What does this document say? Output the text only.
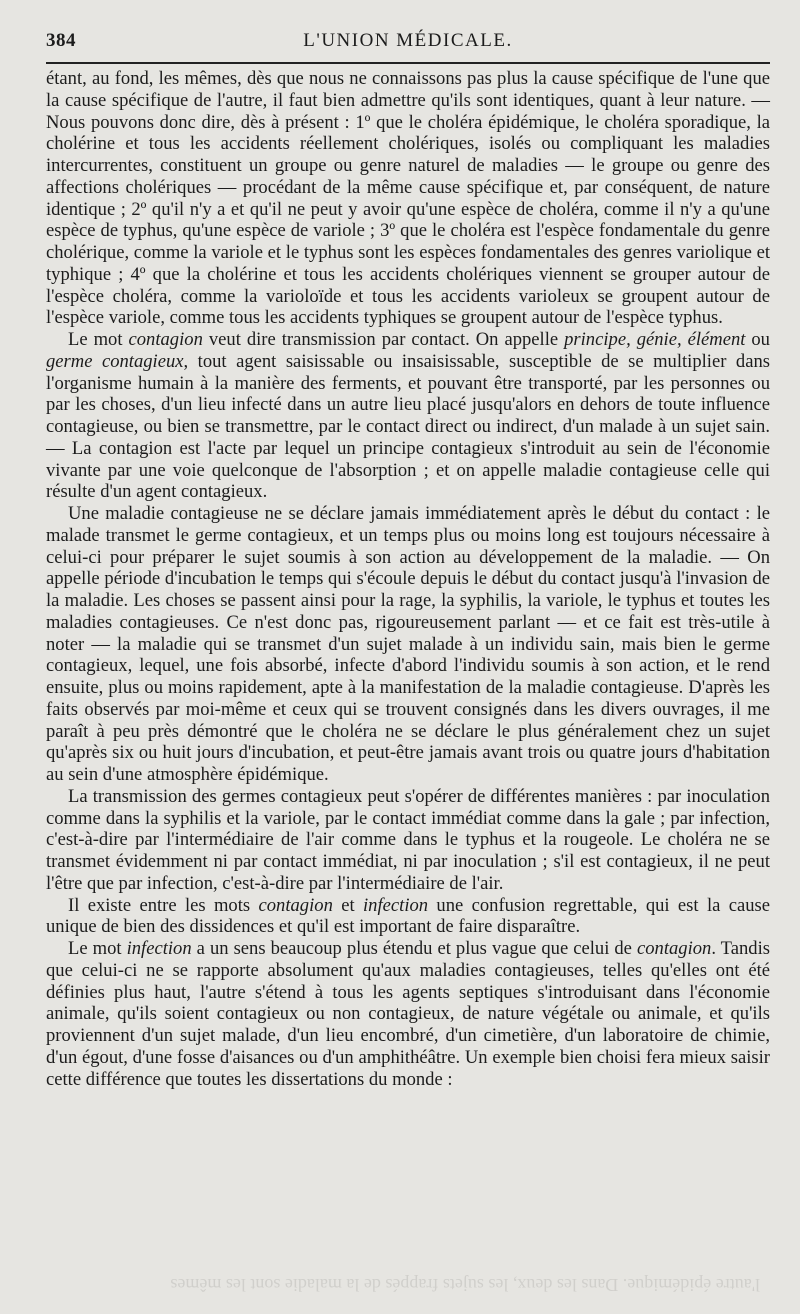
384	L'UNION MÉDICALE.

étant, au fond, les mêmes, dès que nous ne connaissons pas plus la cause spécifique de l'une que la cause spécifique de l'autre, il faut bien admettre qu'ils sont identiques, quant à leur nature. — Nous pouvons donc dire, dès à présent : 1º que le choléra épidémique, le choléra sporadique, la cholérine et tous les accidents réellement cholériques, isolés ou compliquant les maladies intercurrentes, constituent un groupe ou genre naturel de maladies — le groupe ou genre des affections cholériques — procédant de la même cause spécifique et, par conséquent, de nature identique ; 2º qu'il n'y a et qu'il ne peut y avoir qu'une espèce de choléra, comme il n'y a qu'une espèce de typhus, qu'une espèce de variole ; 3º que le choléra est l'espèce fondamentale du genre cholérique, comme la variole et le typhus sont les espèces fondamentales des genres variolique et typhique ; 4º que la cholérine et tous les accidents cholériques viennent se grouper autour de l'espèce choléra, comme la varioloïde et tous les accidents varioleux se groupent autour de l'espèce variole, comme tous les accidents typhiques se groupent autour de l'espèce typhus.

Le mot contagion veut dire transmission par contact. On appelle principe, génie, élément ou germe contagieux, tout agent saisissable ou insaisissable, susceptible de se multiplier dans l'organisme humain à la manière des ferments, et pouvant être transporté, par les personnes ou par les choses, d'un lieu infecté dans un autre lieu placé jusqu'alors en dehors de toute influence contagieuse, ou bien se transmettre, par le contact direct ou indirect, d'un malade à un sujet sain. — La contagion est l'acte par lequel un principe contagieux s'introduit au sein de l'économie vivante par une voie quelconque de l'absorption ; et on appelle maladie contagieuse celle qui résulte d'un agent contagieux.

Une maladie contagieuse ne se déclare jamais immédiatement après le début du contact : le malade transmet le germe contagieux, et un temps plus ou moins long est toujours nécessaire à celui-ci pour préparer le sujet soumis à son action au développement de la maladie. — On appelle période d'incubation le temps qui s'écoule depuis le début du contact jusqu'à l'invasion de la maladie. Les choses se passent ainsi pour la rage, la syphilis, la variole, le typhus et toutes les maladies contagieuses. Ce n'est donc pas, rigoureusement parlant — et ce fait est très-utile à noter — la maladie qui se transmet d'un sujet malade à un individu sain, mais bien le germe contagieux, lequel, une fois absorbé, infecte d'abord l'individu soumis à son action, et le rend ensuite, plus ou moins rapidement, apte à la manifestation de la maladie contagieuse. D'après les faits observés par moi-même et ceux qui se trouvent consignés dans les divers ouvrages, il me paraît à peu près démontré que le choléra ne se déclare le plus généralement chez un sujet qu'après six ou huit jours d'incubation, et peut-être jamais avant trois ou quatre jours d'habitation au sein d'une atmosphère épidémique.

La transmission des germes contagieux peut s'opérer de différentes manières : par inoculation comme dans la syphilis et la variole, par le contact immédiat comme dans la gale ; par infection, c'est-à-dire par l'intermédiaire de l'air comme dans le typhus et la rougeole. Le choléra ne se transmet évidemment ni par contact immédiat, ni par inoculation ; s'il est contagieux, il ne peut l'être que par infection, c'est-à-dire par l'intermédiaire de l'air.

Il existe entre les mots contagion et infection une confusion regrettable, qui est la cause unique de bien des dissidences et qu'il est important de faire disparaître.

Le mot infection a un sens beaucoup plus étendu et plus vague que celui de contagion. Tandis que celui-ci ne se rapporte absolument qu'aux maladies contagieuses, telles qu'elles ont été définies plus haut, l'autre s'étend à tous les agents septiques s'introduisant dans l'économie animale, qu'ils soient contagieux ou non contagieux, de nature végétale ou animale, et qu'ils proviennent d'un sujet malade, d'un lieu encombré, d'un cimetière, d'un laboratoire de chimie, d'un égout, d'une fosse d'aisances ou d'un amphithéâtre. Un exemple bien choisi fera mieux saisir cette différence que toutes les dissertations du monde :

l'autre épidémique. Dans les deux, les sujets frappés de la maladie sont les mêmes
